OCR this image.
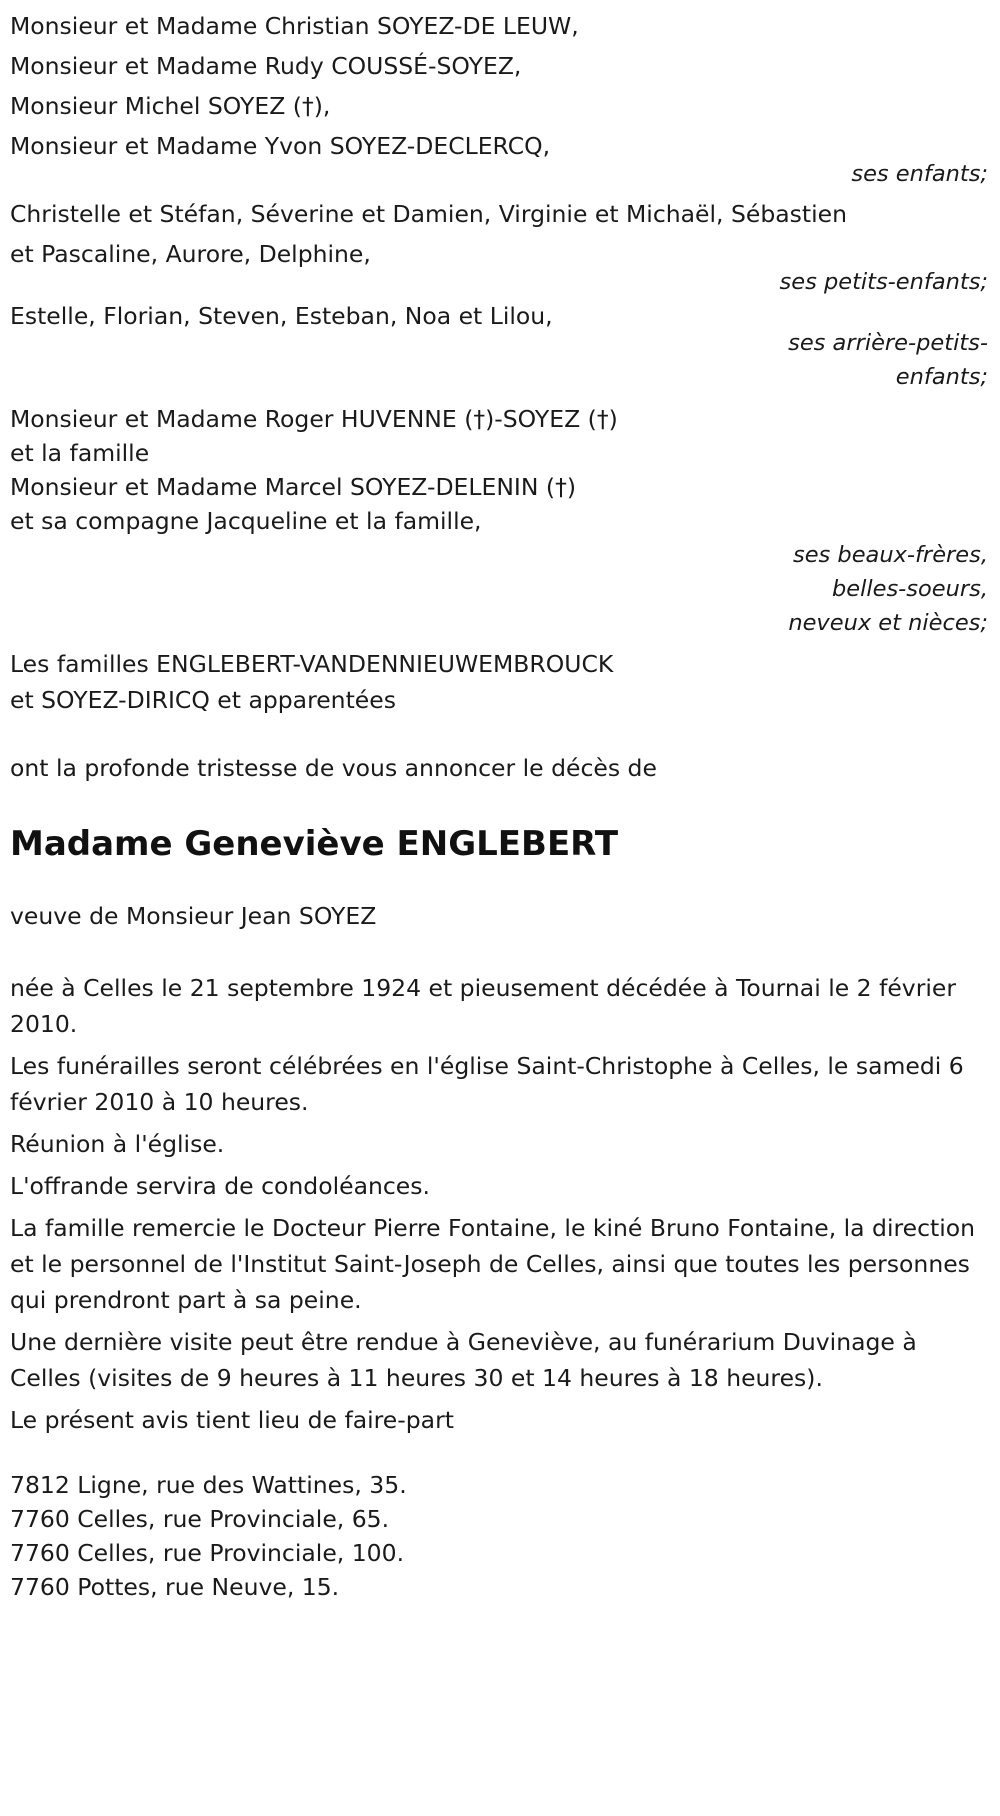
Monsieur et Madame Christian SOYEZ-DE LEUW,

Monsieur et Madame Rudy COUSSÉ-SOYEZ,

Monsieur Michel SOYEZ (†),

Monsieur et Madame Yvon SOYEZ-DECLERCQ,

ses enfants;

Christelle et Stéfan, Séverine et Damien, Virginie et Michaël, Sébastien et Pascaline, Aurore, Delphine,

ses petits-enfants;

Estelle, Florian, Steven, Esteban, Noa et Lilou,

ses arrière-petits-

enfants;

Monsieur et Madame Roger HUVENNE (†)-SOYEZ (†)

et la famille

Monsieur et Madame Marcel SOYEZ-DELENIN (†)

et sa compagne Jacqueline et la famille,

ses beaux-frères,

belles-soeurs,

neveux et nièces;

Les familles ENGLEBERT-VANDENNIEUWEMBROUCK

et SOYEZ-DIRICQ et apparentées

ont la profonde tristesse de vous annoncer le décès de

Madame Geneviève ENGLEBERT

veuve de Monsieur Jean SOYEZ

née à Celles le 21 septembre 1924 et pieusement décédée à Tournai le 2 février 2010.

Les funérailles seront célébrées en l'église Saint-Christophe à Celles, le samedi 6 février 2010 à 10 heures.

Réunion à l'église.

L'offrande servira de condoléances.

La famille remercie le Docteur Pierre Fontaine, le kiné Bruno Fontaine, la direction et le personnel de l'Institut Saint-Joseph de Celles, ainsi que toutes les personnes qui prendront part à sa peine.

Une dernière visite peut être rendue à Geneviève, au funérarium Duvinage à Celles (visites de 9 heures à 11 heures 30 et 14 heures à 18 heures).

Le présent avis tient lieu de faire-part

7812 Ligne, rue des Wattines, 35.

7760 Celles, rue Provinciale, 65.

7760 Celles, rue Provinciale, 100.

7760 Pottes, rue Neuve, 15.
